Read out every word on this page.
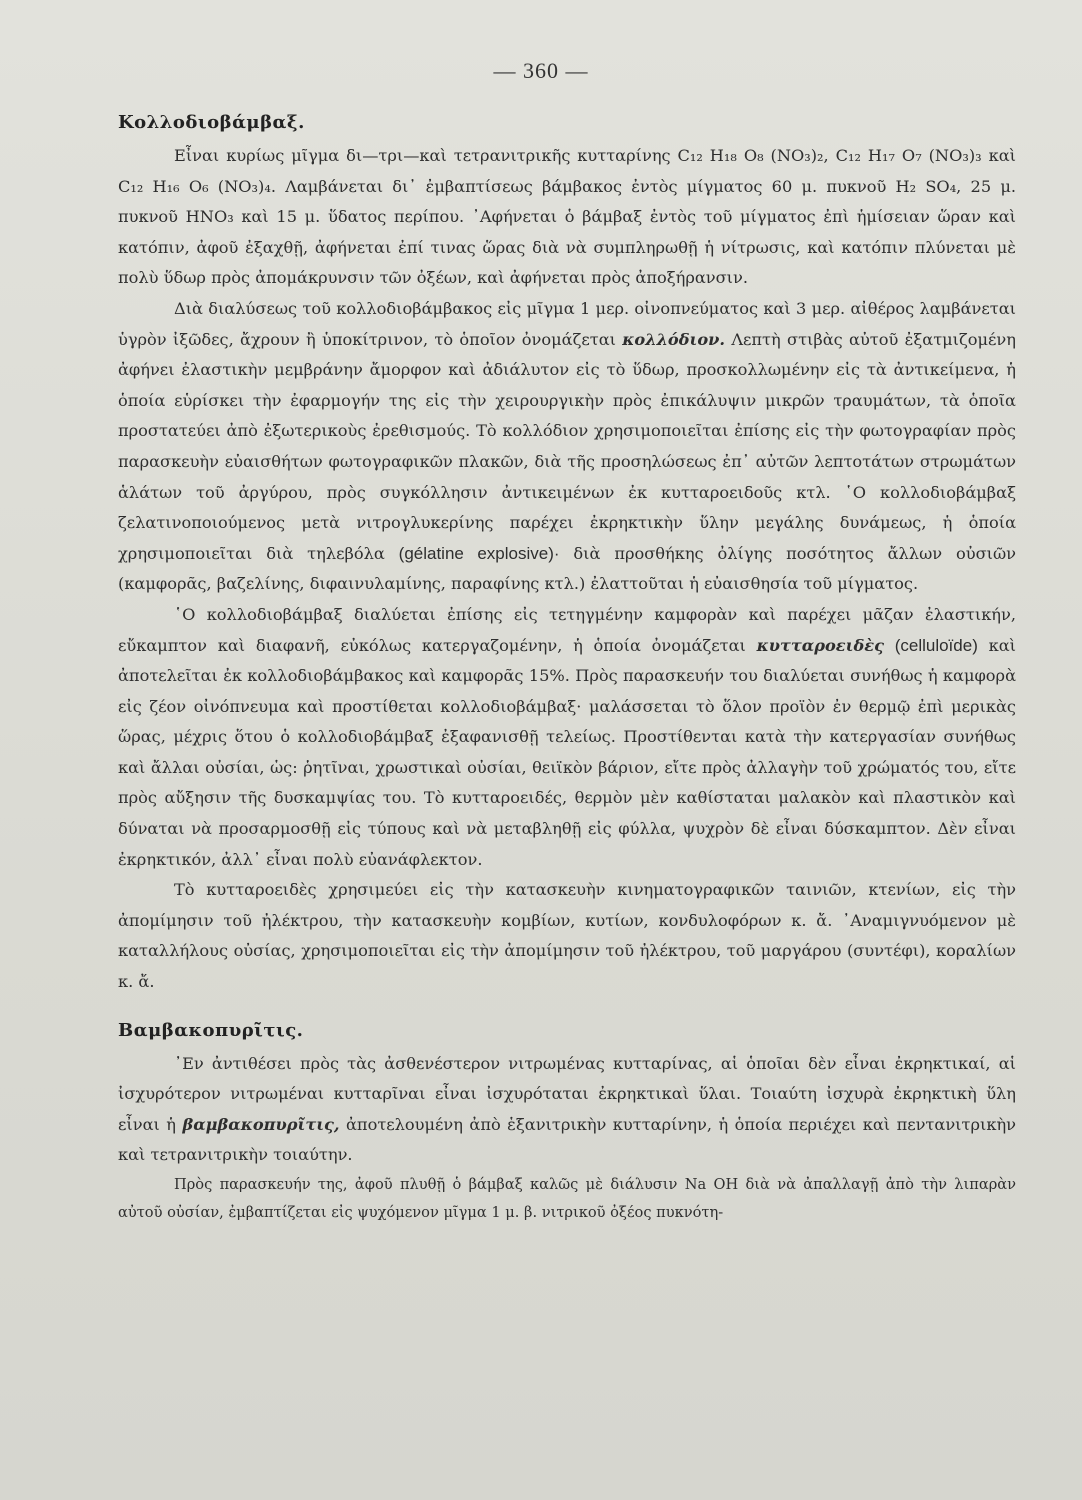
— 360 —
Κολλοδιοβάμβαξ.

Εἶναι κυρίως μῖγμα δι—τρι—καὶ τετρανιτρικῆς κυτταρίνης C₁₂ H₁₈ O₈ (NO₃)₂, C₁₂ H₁₇ O₇ (NO₃)₃ καὶ C₁₂ H₁₆ O₆ (NO₃)₄. Λαμβάνεται δι᾽ ἐμβαπτίσεως βάμβακος ἐντὸς μίγματος 60 μ. πυκνοῦ H₂ SO₄, 25 μ. πυκνοῦ HNO₃ καὶ 15 μ. ὕδατος περίπου. ᾽Αφήνεται ὁ βάμβαξ ἐντὸς τοῦ μίγματος ἐπὶ ἡμίσειαν ὥραν καὶ κατόπιν, ἀφοῦ ἐξαχθῇ, ἀφήνεται ἐπί τινας ὥρας διὰ νὰ συμπληρωθῇ ἡ νίτρωσις, καὶ κατόπιν πλύνεται μὲ πολὺ ὕδωρ πρὸς ἀπομάκρυνσιν τῶν ὀξέων, καὶ ἀφήνεται πρὸς ἀποξήρανσιν.

Διὰ διαλύσεως τοῦ κολλοδιοβάμβακος εἰς μῖγμα 1 μερ. οἰνοπνεύματος καὶ 3 μερ. αἰθέρος λαμβάνεται ὑγρὸν ἰξῶδες, ἄχρουν ἢ ὑποκίτρινον, τὸ ὁποῖον ὀνομάζεται κολλόδιον. Λεπτὴ στιβὰς αὐτοῦ ἐξατμιζομένη ἀφήνει ἐλαστικὴν μεμβράνην ἄμορφον καὶ ἀδιάλυτον εἰς τὸ ὕδωρ, προσκολλωμένην εἰς τὰ ἀντικείμενα, ἡ ὁποία εὑρίσκει τὴν ἐφαρμογήν της εἰς τὴν χειρουργικὴν πρὸς ἐπικάλυψιν μικρῶν τραυμάτων, τὰ ὁποῖα προστατεύει ἀπὸ ἐξωτερικοὺς ἐρεθισμούς. Τὸ κολλόδιον χρησιμοποιεῖται ἐπίσης εἰς τὴν φωτογραφίαν πρὸς παρασκευὴν εὐαισθήτων φωτογραφικῶν πλακῶν, διὰ τῆς προσηλώσεως ἐπ᾽ αὐτῶν λεπτοτάτων στρωμάτων ἁλάτων τοῦ ἀργύρου, πρὸς συγκόλλησιν ἀντικειμένων ἐκ κυτταροειδοῦς κτλ. ῾Ο κολλοδιοβάμβαξ ζελατινοποιούμενος μετὰ νιτρογλυκερίνης παρέχει ἐκρηκτικὴν ὕλην μεγάλης δυνάμεως, ἡ ὁποία χρησιμοποιεῖται διὰ τηλεβόλα (gélatine explosive)· διὰ προσθήκης ὀλίγης ποσότητος ἄλλων οὐσιῶν (καμφορᾶς, βαζελίνης, διφαινυλαμίνης, παραφίνης κτλ.) ἐλαττοῦται ἡ εὐαισθησία τοῦ μίγματος.

῾Ο κολλοδιοβάμβαξ διαλύεται ἐπίσης εἰς τετηγμένην καμφορὰν καὶ παρέχει μᾶζαν ἐλαστικήν, εὔκαμπτον καὶ διαφανῆ, εὐκόλως κατεργαζομένην, ἡ ὁποία ὀνομάζεται κυτταροειδὲς (celluloïde) καὶ ἀποτελεῖται ἐκ κολλοδιοβάμβακος καὶ καμφορᾶς 15%. Πρὸς παρασκευήν του διαλύεται συνήθως ἡ καμφορὰ εἰς ζέον οἰνόπνευμα καὶ προστίθεται κολλοδιοβάμβαξ· μαλάσσεται τὸ ὅλον προϊὸν ἐν θερμῷ ἐπὶ μερικὰς ὥρας, μέχρις ὅτου ὁ κολλοδιοβάμβαξ ἐξαφανισθῇ τελείως. Προστίθενται κατὰ τὴν κατεργασίαν συνήθως καὶ ἄλλαι οὐσίαι, ὡς: ῥητῖναι, χρωστικαὶ οὐσίαι, θειϊκὸν βάριον, εἴτε πρὸς ἀλλαγὴν τοῦ χρώματός του, εἴτε πρὸς αὔξησιν τῆς δυσκαμψίας του. Τὸ κυτταροειδές, θερμὸν μὲν καθίσταται μαλακὸν καὶ πλαστικὸν καὶ δύναται νὰ προσαρμοσθῇ εἰς τύπους καὶ νὰ μεταβληθῇ εἰς φύλλα, ψυχρὸν δὲ εἶναι δύσκαμπτον. Δὲν εἶναι ἐκρηκτικόν, ἀλλ᾽ εἶναι πολὺ εὐανάφλεκτον.

Τὸ κυτταροειδὲς χρησιμεύει εἰς τὴν κατασκευὴν κινηματογραφικῶν ταινιῶν, κτενίων, εἰς τὴν ἀπομίμησιν τοῦ ἠλέκτρου, τὴν κατασκευὴν κομβίων, κυτίων, κονδυλοφόρων κ. ἄ. ᾽Αναμιγνυόμενον μὲ καταλλήλους οὐσίας, χρησιμοποιεῖται εἰς τὴν ἀπομίμησιν τοῦ ἠλέκτρου, τοῦ μαργάρου (συντέφι), κοραλίων κ. ἄ.

Βαμβακοπυρῖτις.

᾽Εν ἀντιθέσει πρὸς τὰς ἀσθενέστερον νιτρωμένας κυτταρίνας, αἱ ὁποῖαι δὲν εἶναι ἐκρηκτικαί, αἱ ἰσχυρότερον νιτρωμέναι κυτταρῖναι εἶναι ἰσχυρόταται ἐκρηκτικαὶ ὕλαι. Τοιαύτη ἰσχυρὰ ἐκρηκτικὴ ὕλη εἶναι ἡ βαμβακοπυρῖτις, ἀποτελουμένη ἀπὸ ἑξανιτρικὴν κυτταρίνην, ἡ ὁποία περιέχει καὶ πεντανιτρικὴν καὶ τετρανιτρικὴν τοιαύτην.

Πρὸς παρασκευήν της, ἀφοῦ πλυθῇ ὁ βάμβαξ καλῶς μὲ διάλυσιν Na OH διὰ νὰ ἀπαλλαγῇ ἀπὸ τὴν λιπαρὰν αὐτοῦ οὐσίαν, ἐμβαπτίζεται εἰς ψυχόμενον μῖγμα 1 μ. β. νιτρικοῦ ὀξέος πυκνότη-
